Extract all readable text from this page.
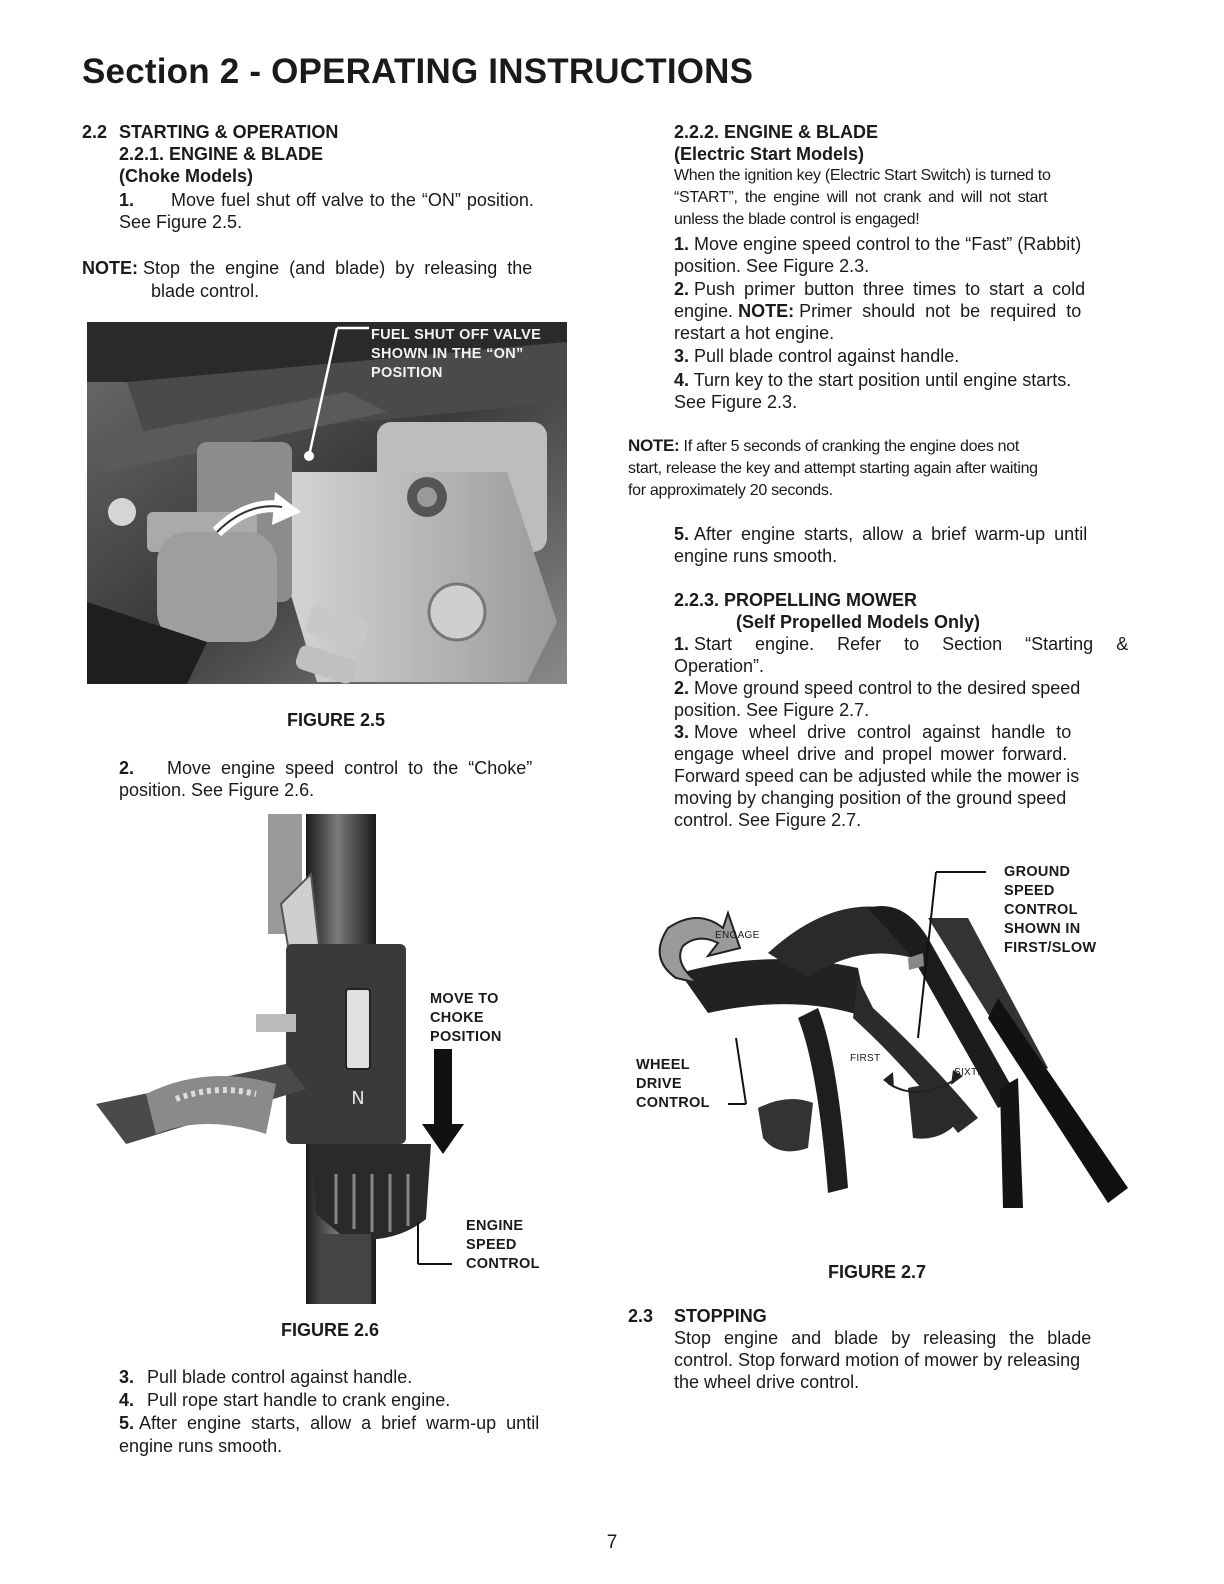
Section 2 - OPERATING INSTRUCTIONS
2.2 STARTING & OPERATION
2.2.1. ENGINE & BLADE
(Choke Models)
1. Move fuel shut off valve to the “ON” position.
See Figure 2.5.
NOTE: Stop the engine (and blade) by releasing the
blade control.
FUEL SHUT OFF VALVE
SHOWN IN THE “ON”
POSITION
FIGURE 2.5
2. Move engine speed control to the “Choke”
position. See Figure 2.6.
N
MOVE TO
CHOKE
POSITION
ENGINE
SPEED
CONTROL
FIGURE 2.6
3. Pull blade control against handle.
4. Pull rope start handle to crank engine.
5. After engine starts, allow a brief warm-up until
engine runs smooth.
2.2.2. ENGINE & BLADE
(Electric Start Models)
When the ignition key (Electric Start Switch) is turned to
“START”, the engine will not crank and will not start
unless the blade control is engaged!
1. Move engine speed control to the “Fast” (Rabbit)
position. See Figure 2.3.
2. Push primer button three times to start a cold
engine. NOTE: Primer should not be required to
restart a hot engine.
3. Pull blade control against handle.
4. Turn key to the start position until engine starts.
See Figure 2.3.
NOTE: If after 5 seconds of cranking the engine does not
start, release the key and attempt starting again after waiting
for approximately 20 seconds.
5. After engine starts, allow a brief warm-up until
engine runs smooth.
2.2.3. PROPELLING MOWER
(Self Propelled Models Only)
1. Start engine. Refer to Section “Starting &
Operation”.
2. Move ground speed control to the desired speed
position. See Figure 2.7.
3. Move wheel drive control against handle to
engage wheel drive and propel mower forward.
Forward speed can be adjusted while the mower is
moving by changing position of the ground speed
control. See Figure 2.7.
GROUND
SPEED
CONTROL
SHOWN IN
FIRST/SLOW
WHEEL
DRIVE
CONTROL
ENGAGE
FIRST
SIXTH
FIGURE 2.7
2.3 STOPPING
Stop engine and blade by releasing the blade
control. Stop forward motion of mower by releasing
the wheel drive control.
7
